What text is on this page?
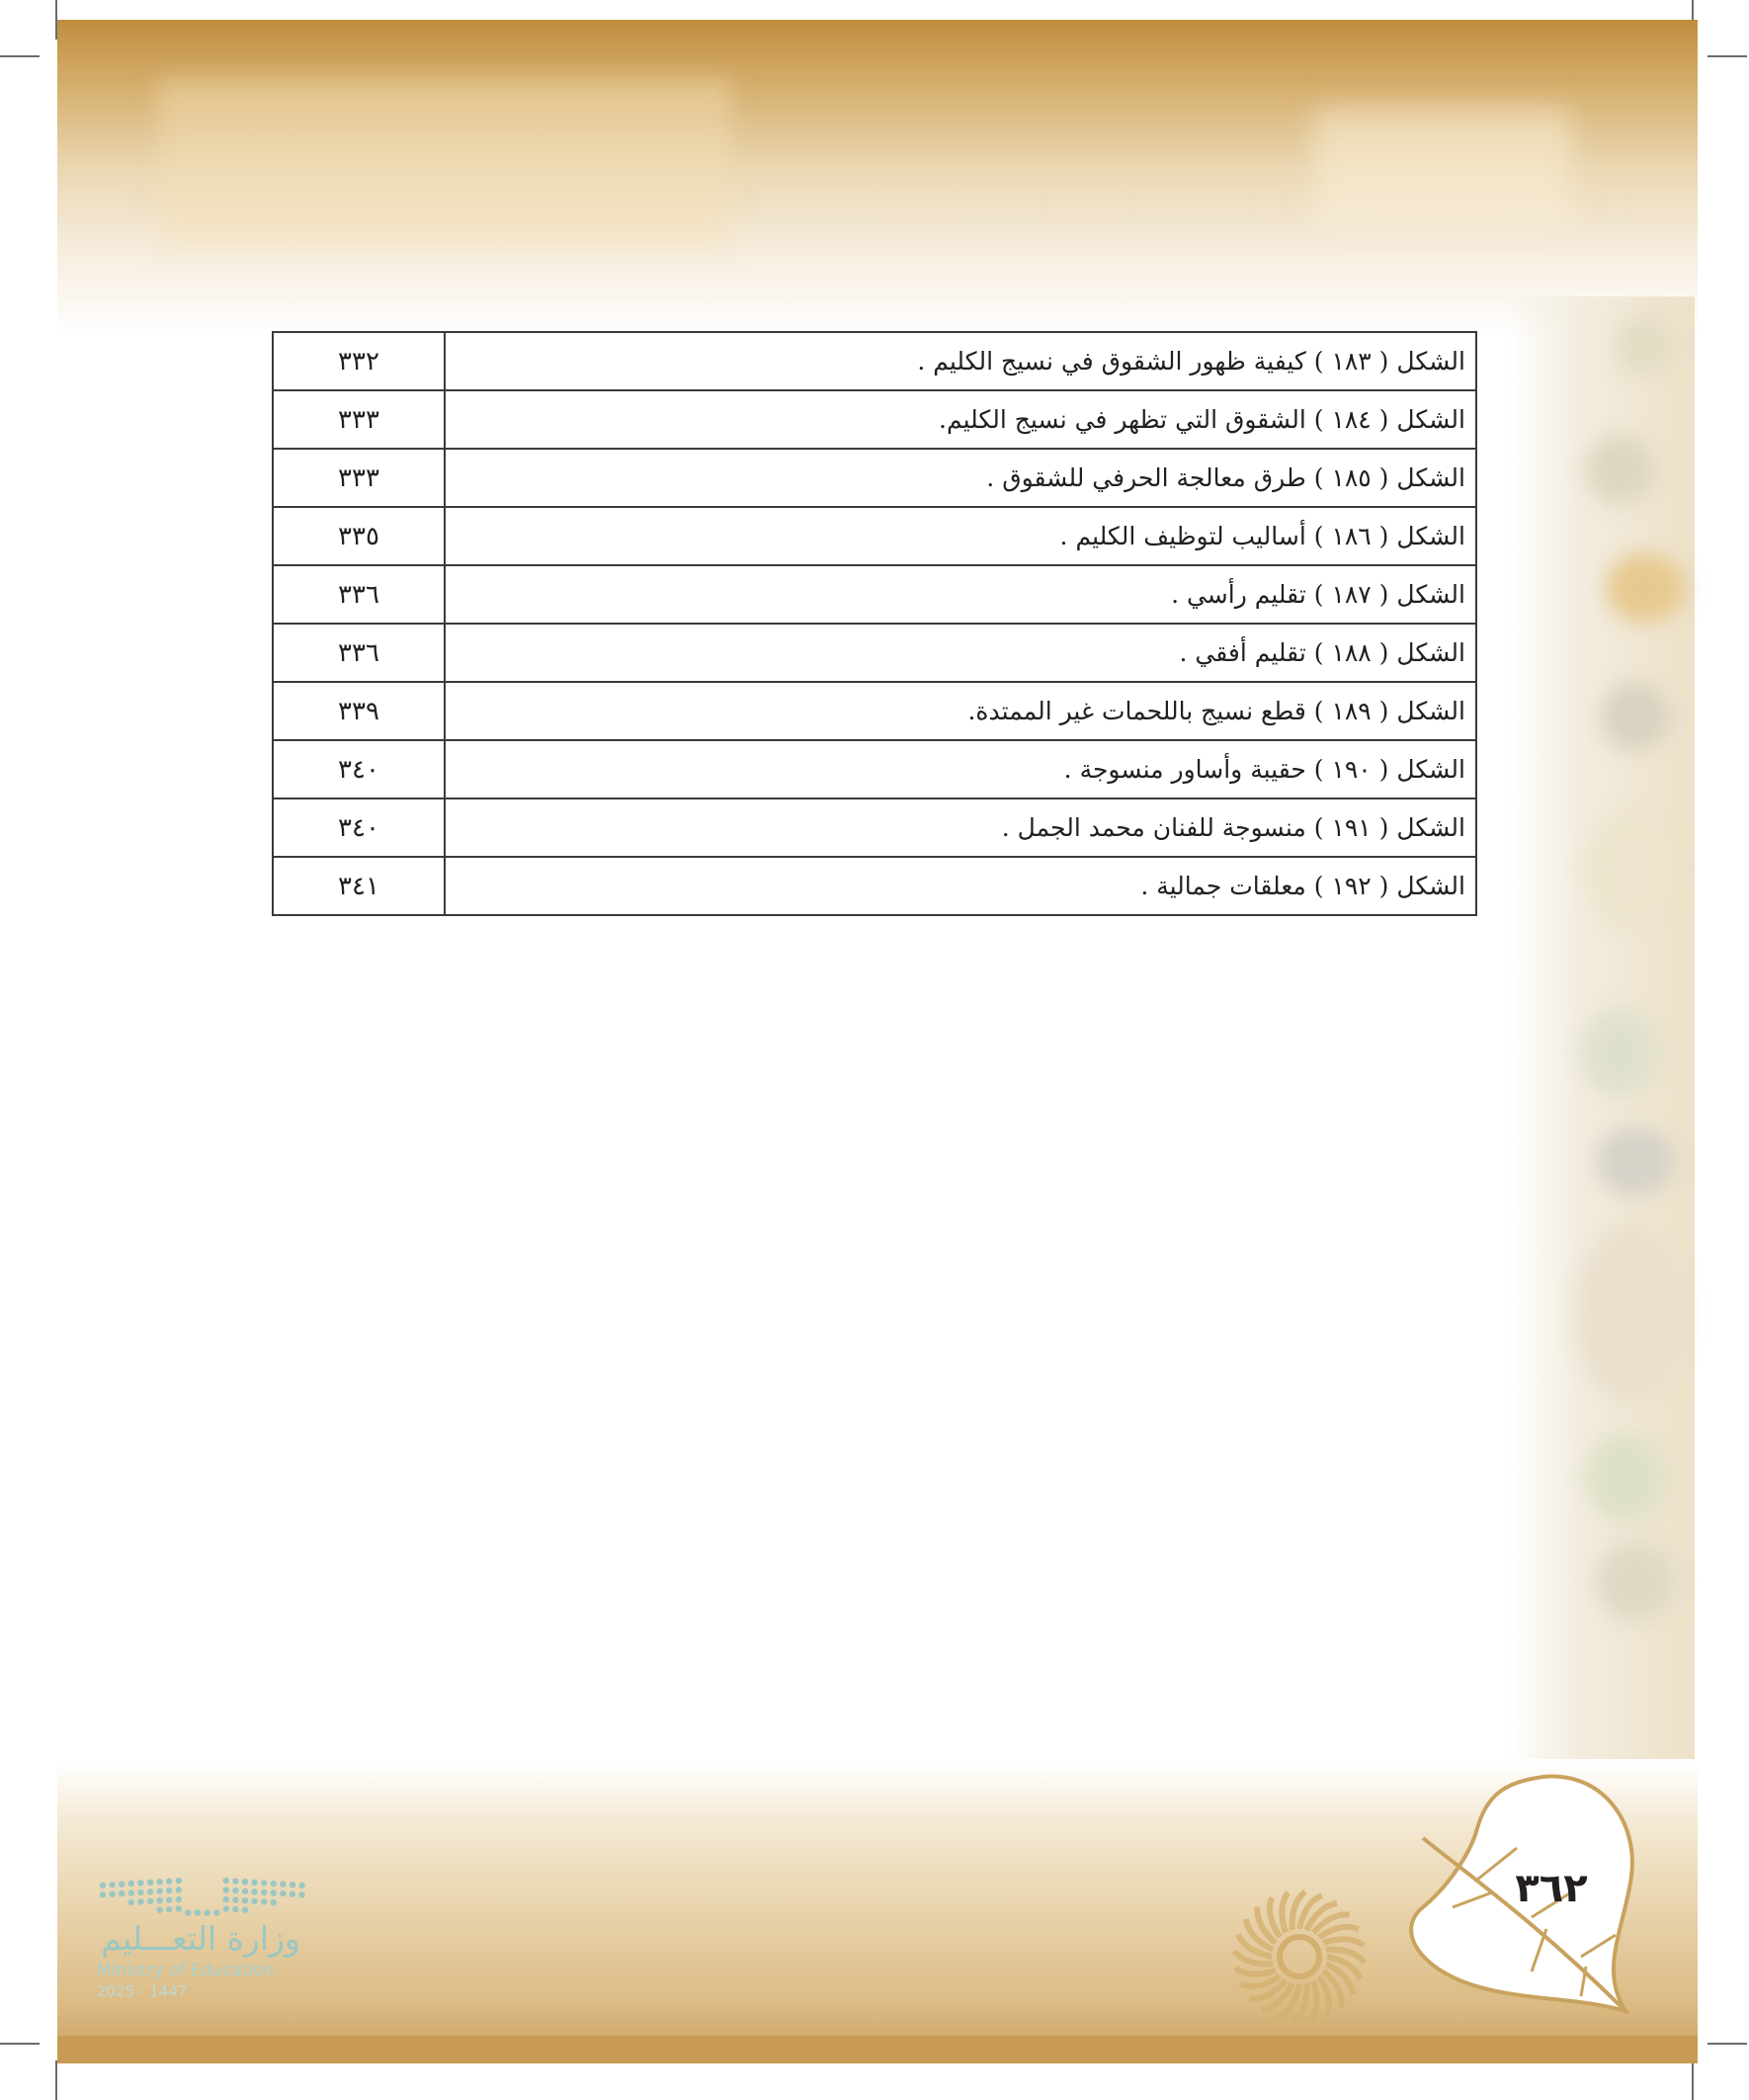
الشكل ( ١٨٣ ) كيفية ظهور الشقوق في نسيج الكليم .	٣٣٢
الشكل ( ١٨٤ ) الشقوق التي تظهر في نسيج الكليم.	٣٣٣
الشكل ( ١٨٥ ) طرق معالجة الحرفي للشقوق .	٣٣٣
الشكل ( ١٨٦ ) أساليب لتوظيف الكليم .	٣٣٥
الشكل ( ١٨٧ ) تقليم رأسي .	٣٣٦
الشكل ( ١٨٨ ) تقليم أفقي .	٣٣٦
الشكل ( ١٨٩ ) قطع نسيج باللحمات غير الممتدة.	٣٣٩
الشكل ( ١٩٠ ) حقيبة وأساور منسوجة .	٣٤٠
الشكل ( ١٩١ ) منسوجة للفنان محمد الجمل .	٣٤٠
الشكل ( ١٩٢ ) معلقات جمالية .	٣٤١
وزارة التعـــليم
Ministry of Education
2025 - 1447
٣٦٢
